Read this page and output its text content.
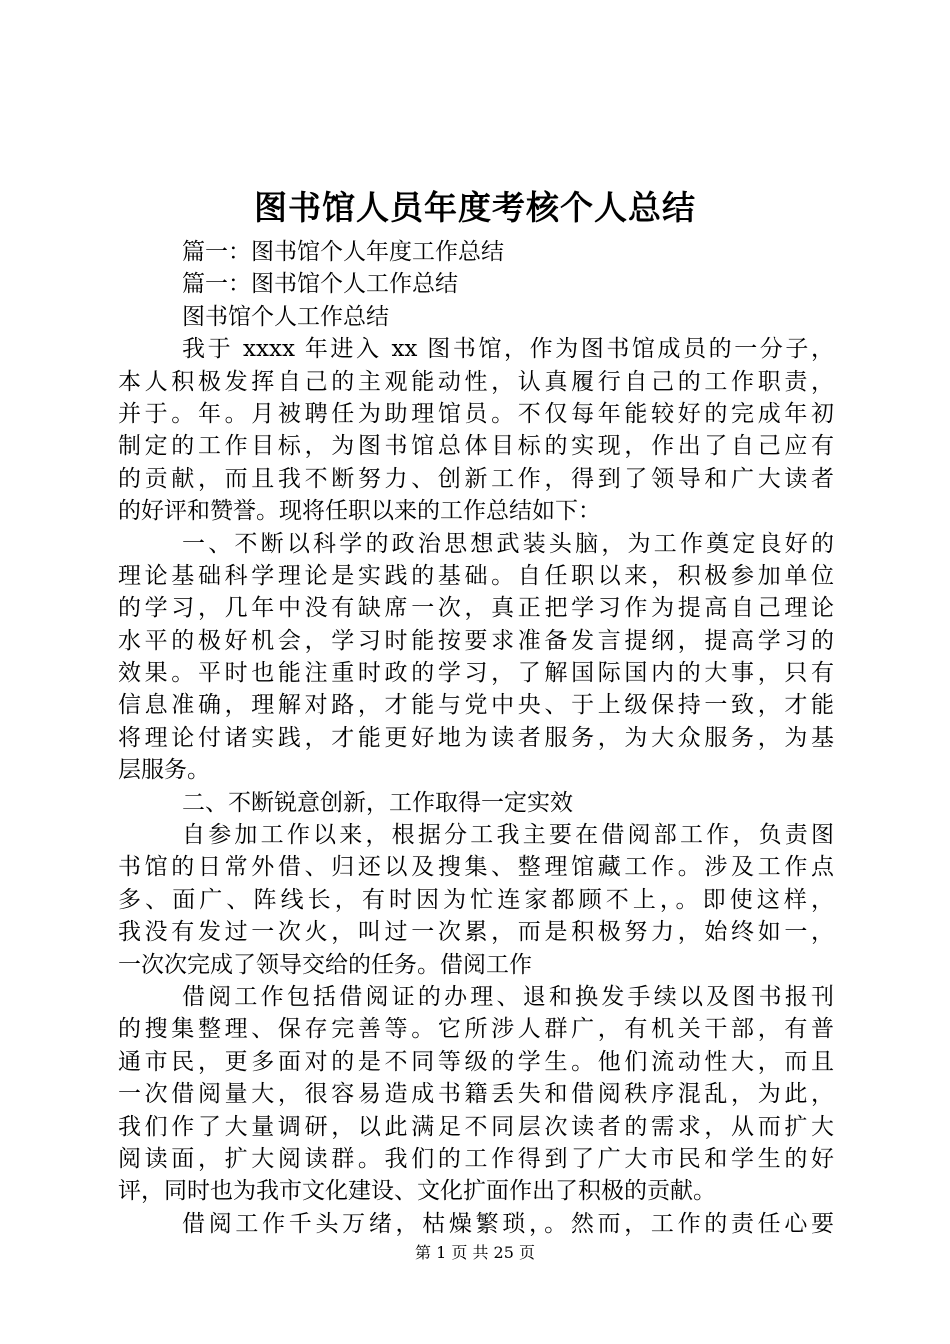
图书馆人员年度考核个人总结
篇一：图书馆个人年度工作总结
篇一：图书馆个人工作总结
图书馆个人工作总结
我于 xxxx 年进入 xx 图书馆，作为图书馆成员的一分子，
本人积极发挥自己的主观能动性，认真履行自己的工作职责，
并于。年。月被聘任为助理馆员。不仅每年能较好的完成年初
制定的工作目标，为图书馆总体目标的实现，作出了自己应有
的贡献，而且我不断努力、创新工作，得到了领导和广大读者
的好评和赞誉。现将任职以来的工作总结如下：
一、不断以科学的政治思想武装头脑，为工作奠定良好的
理论基础科学理论是实践的基础。自任职以来，积极参加单位
的学习，几年中没有缺席一次，真正把学习作为提高自己理论
水平的极好机会，学习时能按要求准备发言提纲，提高学习的
效果。平时也能注重时政的学习，了解国际国内的大事，只有
信息准确，理解对路，才能与党中央、于上级保持一致，才能
将理论付诸实践，才能更好地为读者服务，为大众服务，为基
层服务。
二、不断锐意创新，工作取得一定实效
自参加工作以来，根据分工我主要在借阅部工作，负责图
书馆的日常外借、归还以及搜集、整理馆藏工作。涉及工作点
多、面广、阵线长，有时因为忙连家都顾不上，。即使这样，
我没有发过一次火，叫过一次累，而是积极努力，始终如一，
一次次完成了领导交给的任务。借阅工作
借阅工作包括借阅证的办理、退和换发手续以及图书报刊
的搜集整理、保存完善等。它所涉人群广，有机关干部，有普
通市民，更多面对的是不同等级的学生。他们流动性大，而且
一次借阅量大，很容易造成书籍丢失和借阅秩序混乱，为此，
我们作了大量调研，以此满足不同层次读者的需求，从而扩大
阅读面，扩大阅读群。我们的工作得到了广大市民和学生的好
评，同时也为我市文化建设、文化扩面作出了积极的贡献。
借阅工作千头万绪，枯燥繁琐，。然而，工作的责任心要
第 1 页 共 25 页
